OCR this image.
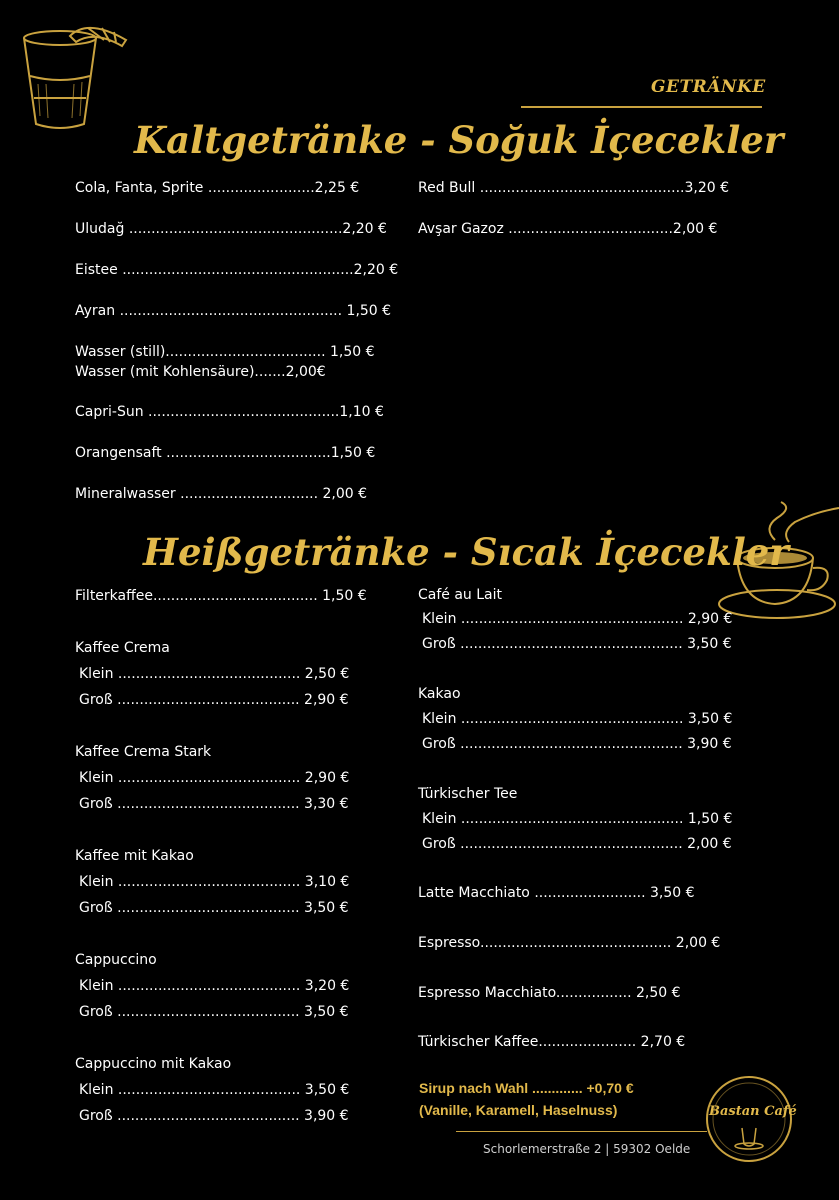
GETRÄNKE
Kaltgetränke - Soğuk İçecekler
Cola, Fanta, Sprite ........................2,25 €
Uludağ ................................................2,20 €
Eistee ....................................................2,20 €
Ayran .................................................. 1,50 €
Wasser (still).................................... 1,50 €
Wasser (mit Kohlensäure).......2,00€
Capri-Sun ...........................................1,10 €
Orangensaft .....................................1,50 €
Mineralwasser ............................... 2,00 €
Red Bull ..............................................3,20 €
Avşar Gazoz .....................................2,00 €
Heißgetränke - Sıcak İçecekler
Filterkaffee..................................... 1,50 €
Kaffee Crema
Klein ......................................... 2,50 €
Groß ......................................... 2,90 €
Kaffee Crema Stark
Klein ......................................... 2,90 €
Groß ......................................... 3,30 €
Kaffee mit Kakao
Klein ......................................... 3,10 €
Groß ......................................... 3,50 €
Cappuccino
Klein ......................................... 3,20 €
Groß ......................................... 3,50 €
Cappuccino mit Kakao
Klein ......................................... 3,50 €
Groß ......................................... 3,90 €
Café au Lait
Klein .................................................. 2,90 €
Groß .................................................. 3,50 €
Kakao
Klein .................................................. 3,50 €
Groß .................................................. 3,90 €
Türkischer Tee
Klein .................................................. 1,50 €
Groß .................................................. 2,00 €
Latte Macchiato ......................... 3,50 €
Espresso........................................... 2,00 €
Espresso Macchiato................. 2,50 €
Türkischer Kaffee...................... 2,70 €
Sirup nach Wahl ............. +0,70 €
(Vanille, Karamell, Haselnuss)
Schorlemerstraße 2 | 59302 Oelde
Bastan Café
